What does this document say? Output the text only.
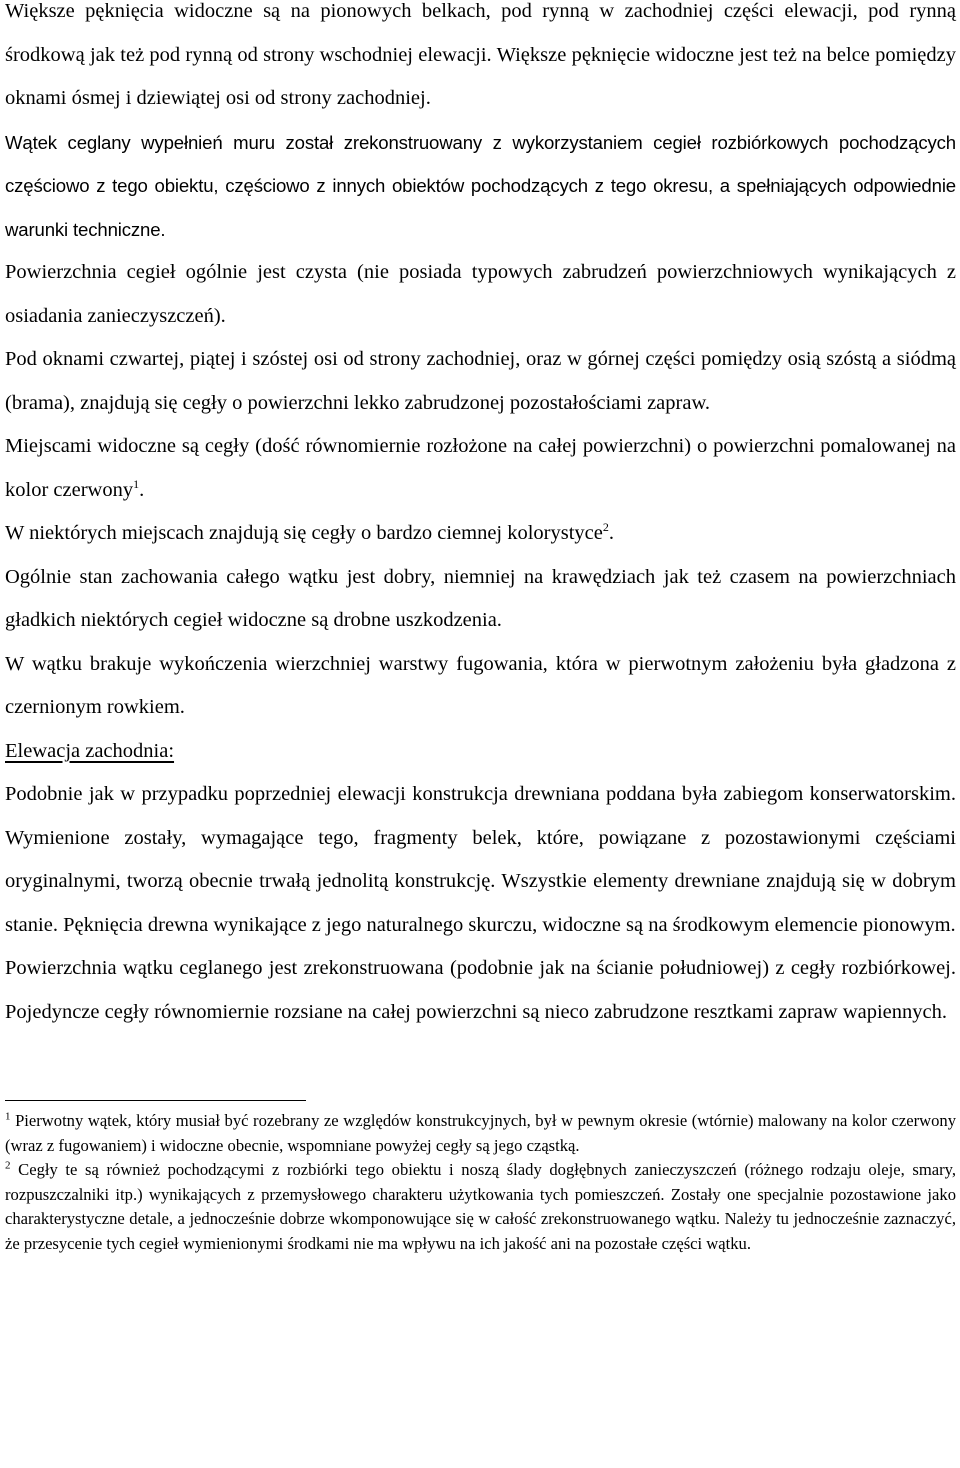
Większe pęknięcia widoczne są na pionowych belkach, pod rynną w zachodniej części elewacji, pod rynną środkową jak też pod rynną od strony wschodniej elewacji. Większe pęknięcie widoczne jest też na belce pomiędzy oknami ósmej i dziewiątej osi od strony zachodniej.

Wątek ceglany wypełnień muru został zrekonstruowany z wykorzystaniem cegieł rozbiórkowych pochodzących częściowo z tego obiektu, częściowo z innych obiektów pochodzących z tego okresu, a spełniających odpowiednie warunki techniczne.

Powierzchnia cegieł ogólnie jest czysta (nie posiada typowych zabrudzeń powierzchniowych wynikających z osiadania zanieczyszczeń).

Pod oknami czwartej, piątej i szóstej osi od strony zachodniej, oraz w górnej części pomiędzy osią szóstą a siódmą (brama), znajdują się cegły o powierzchni lekko zabrudzonej pozostałościami zapraw.

Miejscami widoczne są cegły (dość równomiernie rozłożone na całej powierzchni) o powierzchni pomalowanej na kolor czerwony$^1$.

W niektórych miejscach znajdują się cegły o bardzo ciemnej kolorystyce$^2$.

Ogólnie stan zachowania całego wątku jest dobry, niemniej na krawędziach jak też czasem na powierzchniach gładkich niektórych cegieł widoczne są drobne uszkodzenia.

W wątku brakuje wykończenia wierzchniej warstwy fugowania, która w pierwotnym założeniu była gładzona z czernionym rowkiem.

Elewacja zachodnia:

Podobnie jak w przypadku poprzedniej elewacji konstrukcja drewniana poddana była zabiegom konserwatorskim. Wymienione zostały, wymagające tego, fragmenty belek, które, powiązane z pozostawionymi częściami oryginalnymi, tworzą obecnie trwałą jednolitą konstrukcję. Wszystkie elementy drewniane znajdują się w dobrym stanie. Pęknięcia drewna wynikające z jego naturalnego skurczu, widoczne są na środkowym elemencie pionowym.

Powierzchnia wątku ceglanego jest zrekonstruowana (podobnie jak na ścianie południowej) z cegły rozbiórkowej. Pojedyncze cegły równomiernie rozsiane na całej powierzchni są nieco zabrudzone resztkami zapraw wapiennych.

$^1$ Pierwotny wątek, który musiał być rozebrany ze względów konstrukcyjnych, był w pewnym okresie (wtórnie) malowany na kolor czerwony (wraz z fugowaniem) i widoczne obecnie, wspomniane powyżej cegły są jego cząstką.

$^2$ Cegły te są również pochodzącymi z rozbiórki tego obiektu i noszą ślady dogłębnych zanieczyszczeń (różnego rodzaju oleje, smary, rozpuszczalniki itp.) wynikających z przemysłowego charakteru użytkowania tych pomieszczeń. Zostały one specjalnie pozostawione jako charakterystyczne detale, a jednocześnie dobrze wkomponowujące się w całość zrekonstruowanego wątku. Należy tu jednocześnie zaznaczyć, że przesycenie tych cegieł wymienionymi środkami nie ma wpływu na ich jakość ani na pozostałe części wątku.
